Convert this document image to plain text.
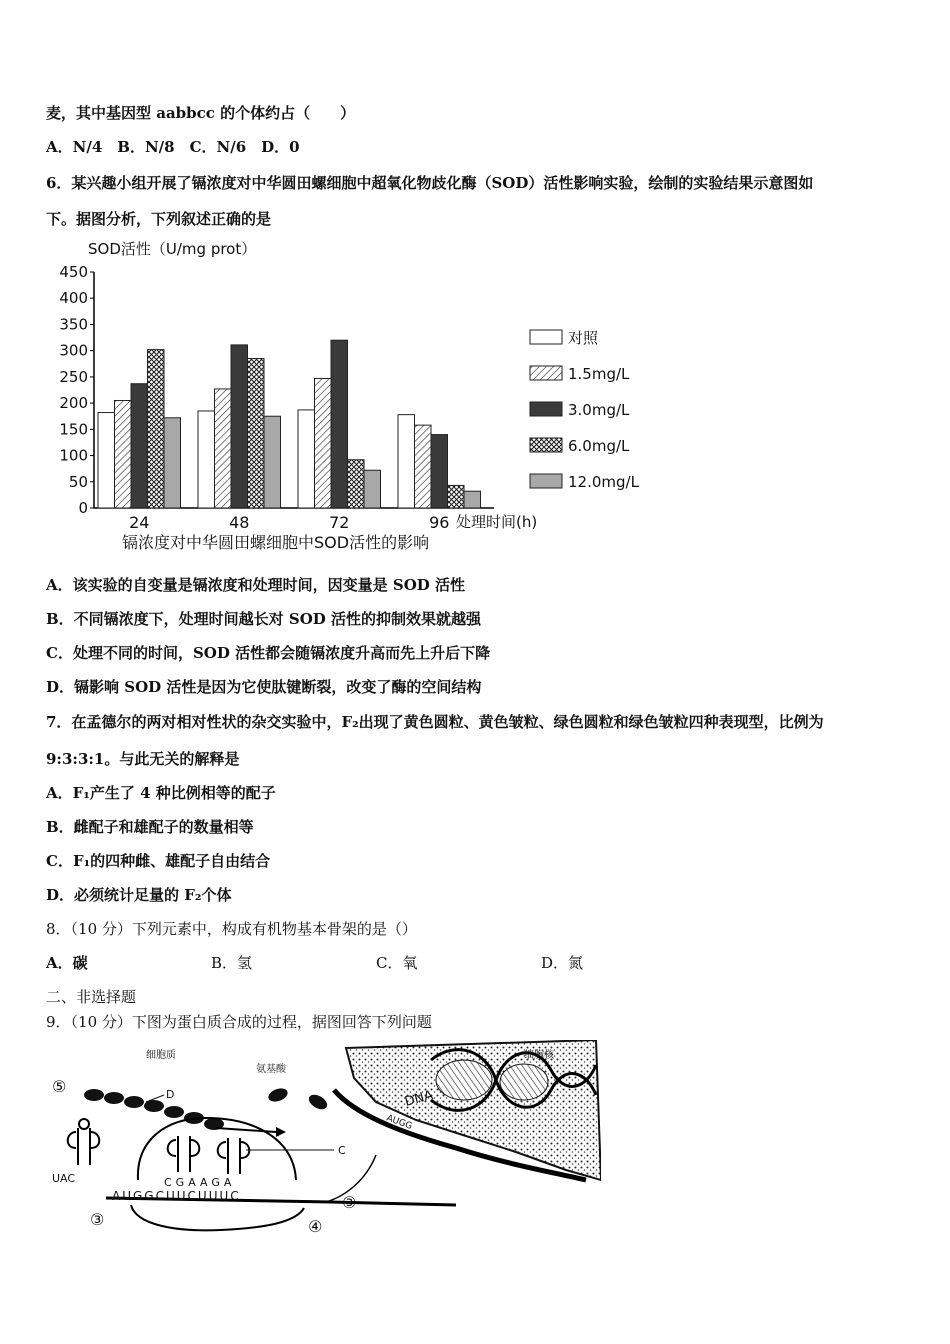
麦，其中基因型 aabbcc 的个体约占（　　）
A．N/4　B．N/8　C．N/6　D．0
6．某兴趣小组开展了镉浓度对中华圆田螺细胞中超氧化物歧化酶（SOD）活性影响实验，绘制的实验结果示意图如
下。据图分析，下列叙述正确的是
SOD活性（U/mg prot）
0
50
100
150
200
250
300
350
400
450
24	48	72	96
对照
1.5mg/L
3.0mg/L
6.0mg/L
12.0mg/L
处理时间(h)
镉浓度对中华圆田螺细胞中SOD活性的影响
A．该实验的自变量是镉浓度和处理时间，因变量是 SOD 活性
B．不同镉浓度下，处理时间越长对 SOD 活性的抑制效果就越强
C．处理不同的时间，SOD 活性都会随镉浓度升高而先上升后下降
D．镉影响 SOD 活性是因为它使肽键断裂，改变了酶的空间结构
7．在孟德尔的两对相对性状的杂交实验中，F₂出现了黄色圆粒、黄色皱粒、绿色圆粒和绿色皱粒四种表现型，比例为
9:3:3:1。与此无关的解释是
A．F₁产生了 4 种比例相等的配子
B．雌配子和雄配子的数量相等
C．F₁的四种雌、雄配子自由结合
D．必须统计足量的 F₂个体
8．（10 分）下列元素中，构成有机物基本骨架的是（）
A．碳	B．氢	C．氧	D．氮
二、非选择题
9．（10 分）下图为蛋白质合成的过程，据图回答下列问题
DNA
细胞核
细胞质
氨基酸
⑤	D
UAC	CGAAGA
C
AUGGCUUCUUUC	③
③	④
AUGG
